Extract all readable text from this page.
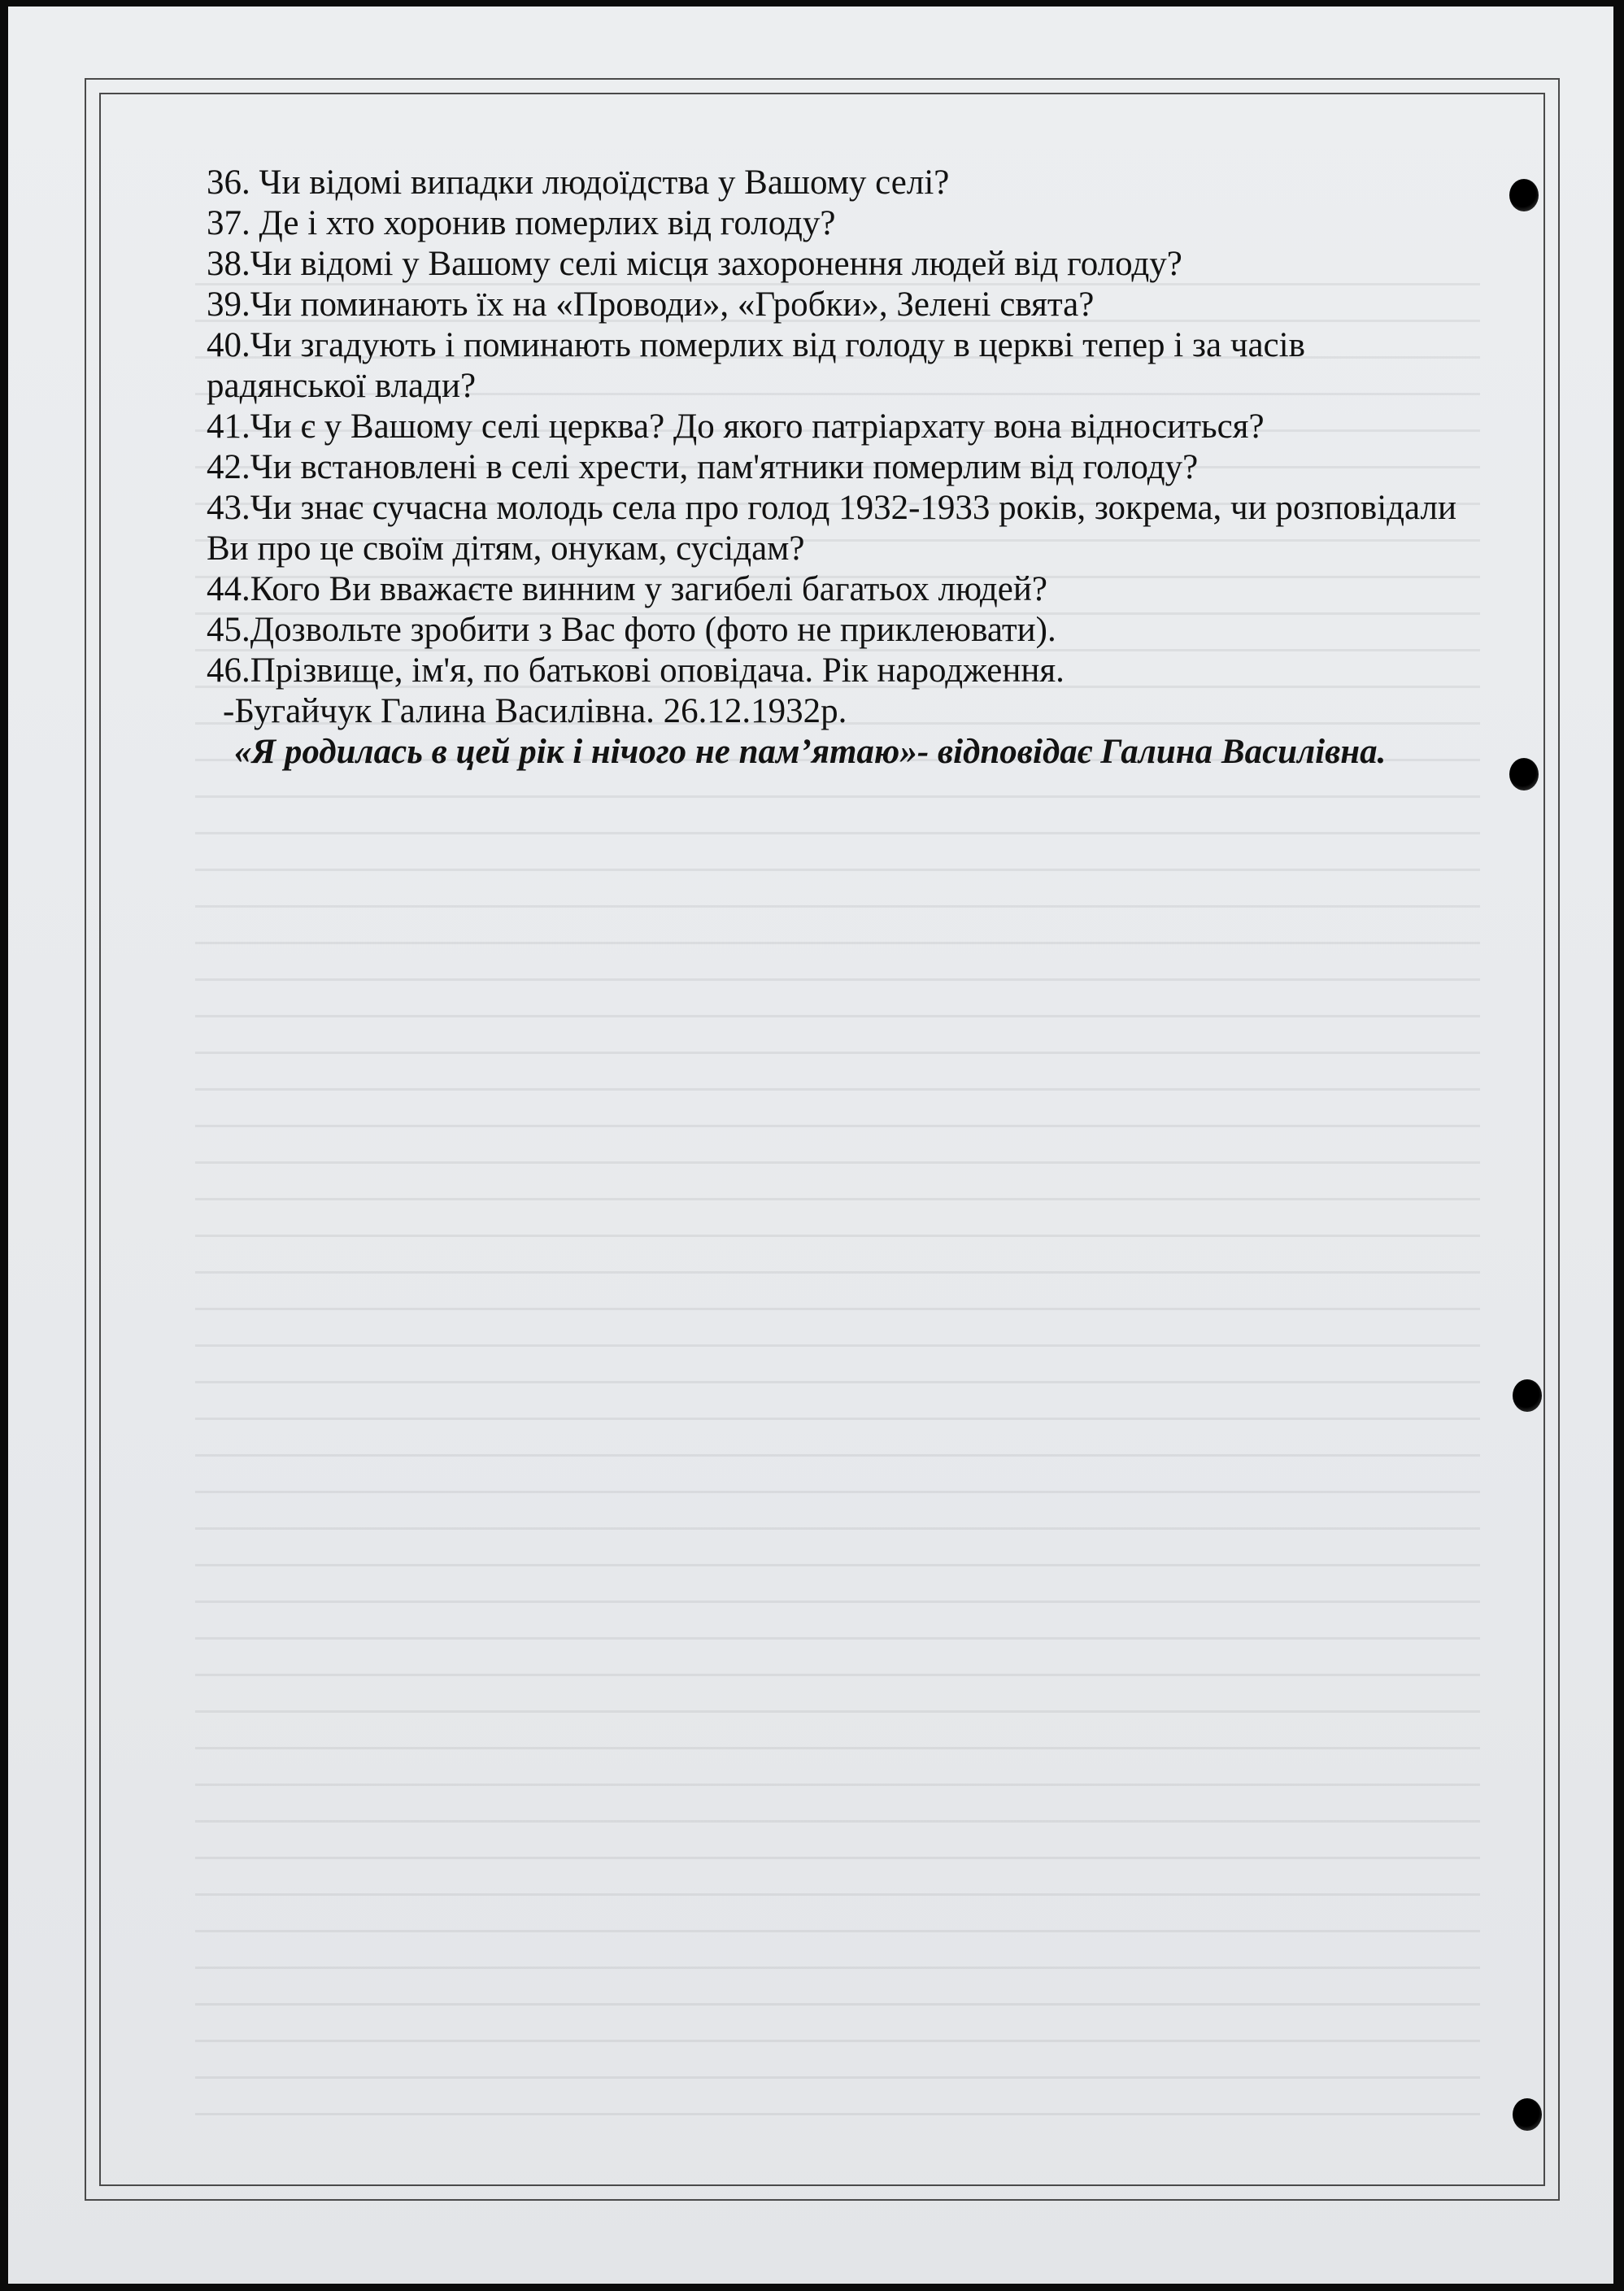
36. Чи відомі випадки людоїдства у Вашому селі?

37. Де і хто хоронив померлих від голоду?

38.Чи відомі у Вашому селі місця захоронення людей від голоду?

39.Чи поминають їх на «Проводи», «Гробки», Зелені свята?

40.Чи згадують і поминають померлих від голоду в церкві тепер і за часів радянської влади?

41.Чи є у Вашому селі церква? До якого патріархату вона відноситься?

42.Чи встановлені в селі хрести, пам'ятники померлим від голоду?

43.Чи знає сучасна молодь села про голод 1932-1933 років, зокрема, чи розповідали Ви про це своїм дітям, онукам, сусідам?

44.Кого Ви вважаєте винним у загибелі багатьох людей?

45.Дозвольте зробити з Вас фото (фото не приклеювати).

46.Прізвище, ім'я, по батькові оповідача. Рік народження.

-Бугайчук Галина Василівна. 26.12.1932р.

«Я родилась в цей рік і нічого не пам’ятаю»- відповідає Галина Василівна.
